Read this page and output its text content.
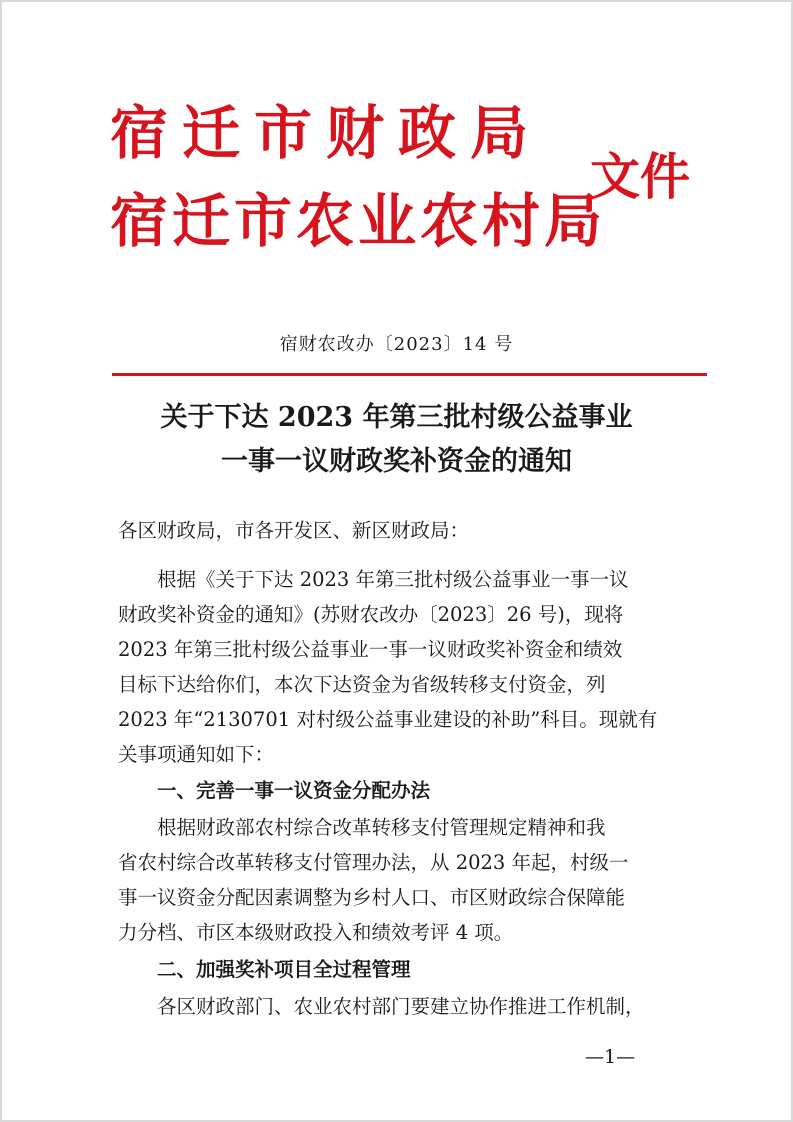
宿迁市财政局
宿迁市农业农村局
文件
宿财农改办〔2023〕14 号
关于下达 2023 年第三批村级公益事业
一事一议财政奖补资金的通知
各区财政局，市各开发区、新区财政局：
根据《关于下达 2023 年第三批村级公益事业一事一议
财政奖补资金的通知》(苏财农改办〔2023〕26 号)，现将
2023 年第三批村级公益事业一事一议财政奖补资金和绩效
目标下达给你们，本次下达资金为省级转移支付资金，列
2023 年“2130701 对村级公益事业建设的补助”科目。现就有
关事项通知如下：
一、完善一事一议资金分配办法
根据财政部农村综合改革转移支付管理规定精神和我
省农村综合改革转移支付管理办法，从 2023 年起，村级一
事一议资金分配因素调整为乡村人口、市区财政综合保障能
力分档、市区本级财政投入和绩效考评 4 项。
二、加强奖补项目全过程管理
各区财政部门、农业农村部门要建立协作推进工作机制，
—1—
